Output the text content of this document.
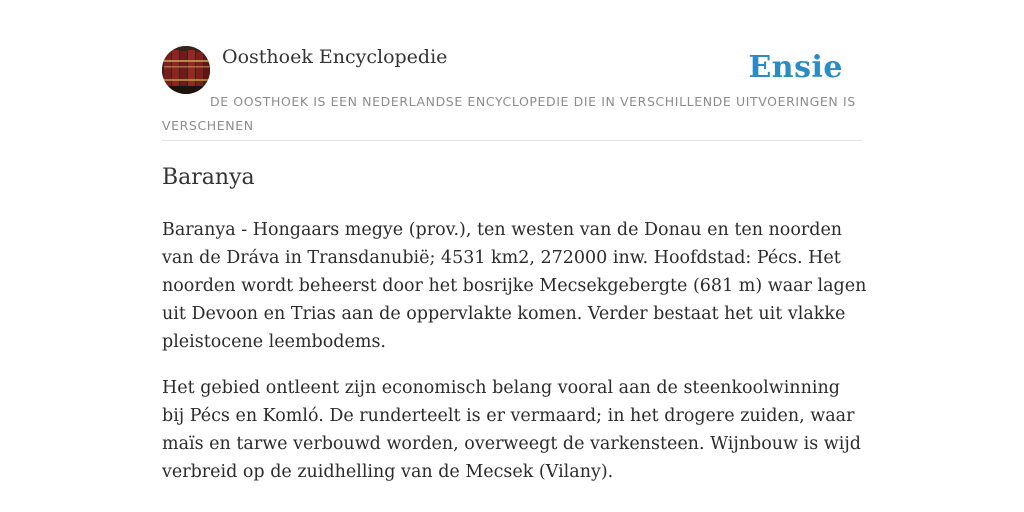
Oosthoek Encyclopedie	Ensie
DE OOSTHOEK IS EEN NEDERLANDSE ENCYCLOPEDIE DIE IN VERSCHILLENDE UITVOERINGEN IS VERSCHENEN
Baranya

Baranya - Hongaars megye (prov.), ten westen van de Donau en ten noorden van de Dráva in Transdanubië; 4531 km2, 272000 inw. Hoofdstad: Pécs. Het noorden wordt beheerst door het bosrijke Mecsekgebergte (681 m) waar lagen uit Devoon en Trias aan de oppervlakte komen. Verder bestaat het uit vlakke pleistocene leembodems.

Het gebied ontleent zijn economisch belang vooral aan de steenkoolwinning bij Pécs en Komló. De runderteelt is er vermaard; in het drogere zuiden, waar maïs en tarwe verbouwd worden, overweegt de varkensteen. Wijnbouw is wijd verbreid op de zuidhelling van de Mecsek (Vilany).
